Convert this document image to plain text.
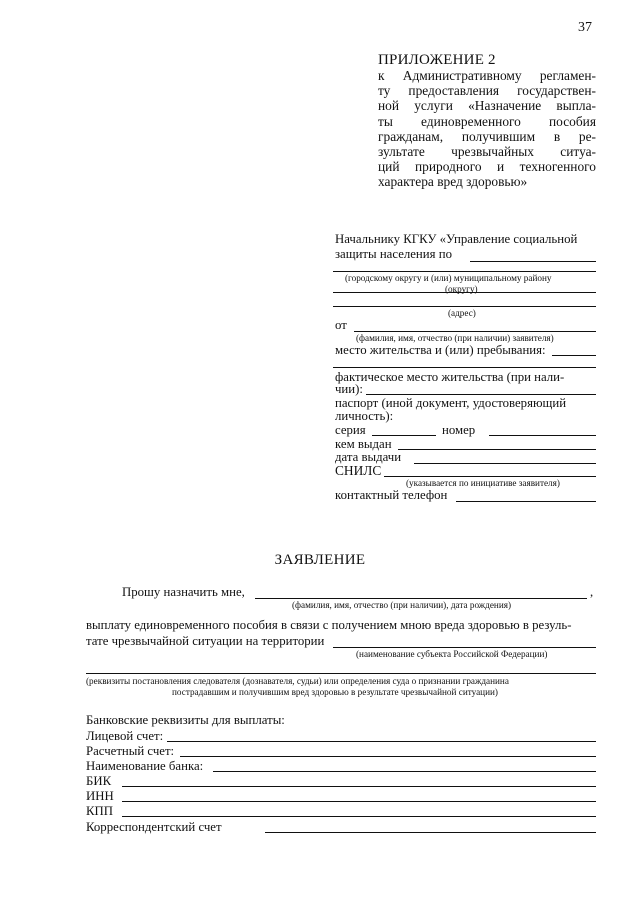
37
ПРИЛОЖЕНИЕ 2
к Административному регламен-
ту предоставления государствен-
ной услуги «Назначение выпла-
ты единовременного пособия
гражданам, получившим в ре-
зультате чрезвычайных ситуа-
ций природного и техногенного
характера вред здоровью»
Начальнику КГКУ «Управление социальной
защиты населения по
(городскому округу и (или) муниципальному району
(округу)
(адрес)
от
(фамилия, имя, отчество (при наличии) заявителя)
место жительства и (или) пребывания:
фактическое место жительства (при нали-
чии):
паспорт (иной документ, удостоверяющий
личность):
серия	номер
кем выдан
дата выдачи
СНИЛС
(указывается по инициативе заявителя)
контактный телефон
ЗАЯВЛЕНИЕ
Прошу назначить мне,	,
(фамилия, имя, отчество (при наличии), дата рождения)
выплату единовременного пособия в связи с получением мною вреда здоровью в резуль-
тате чрезвычайной ситуации на территории
(наименование субъекта Российской Федерации)
(реквизиты постановления следователя (дознавателя, судьи) или определения суда о признании гражданина
пострадавшим и получившим вред здоровью в результате чрезвычайной ситуации)
Банковские реквизиты для выплаты:
Лицевой счет:
Расчетный счет:
Наименование банка:
БИК
ИНН
КПП
Корреспондентский счет
